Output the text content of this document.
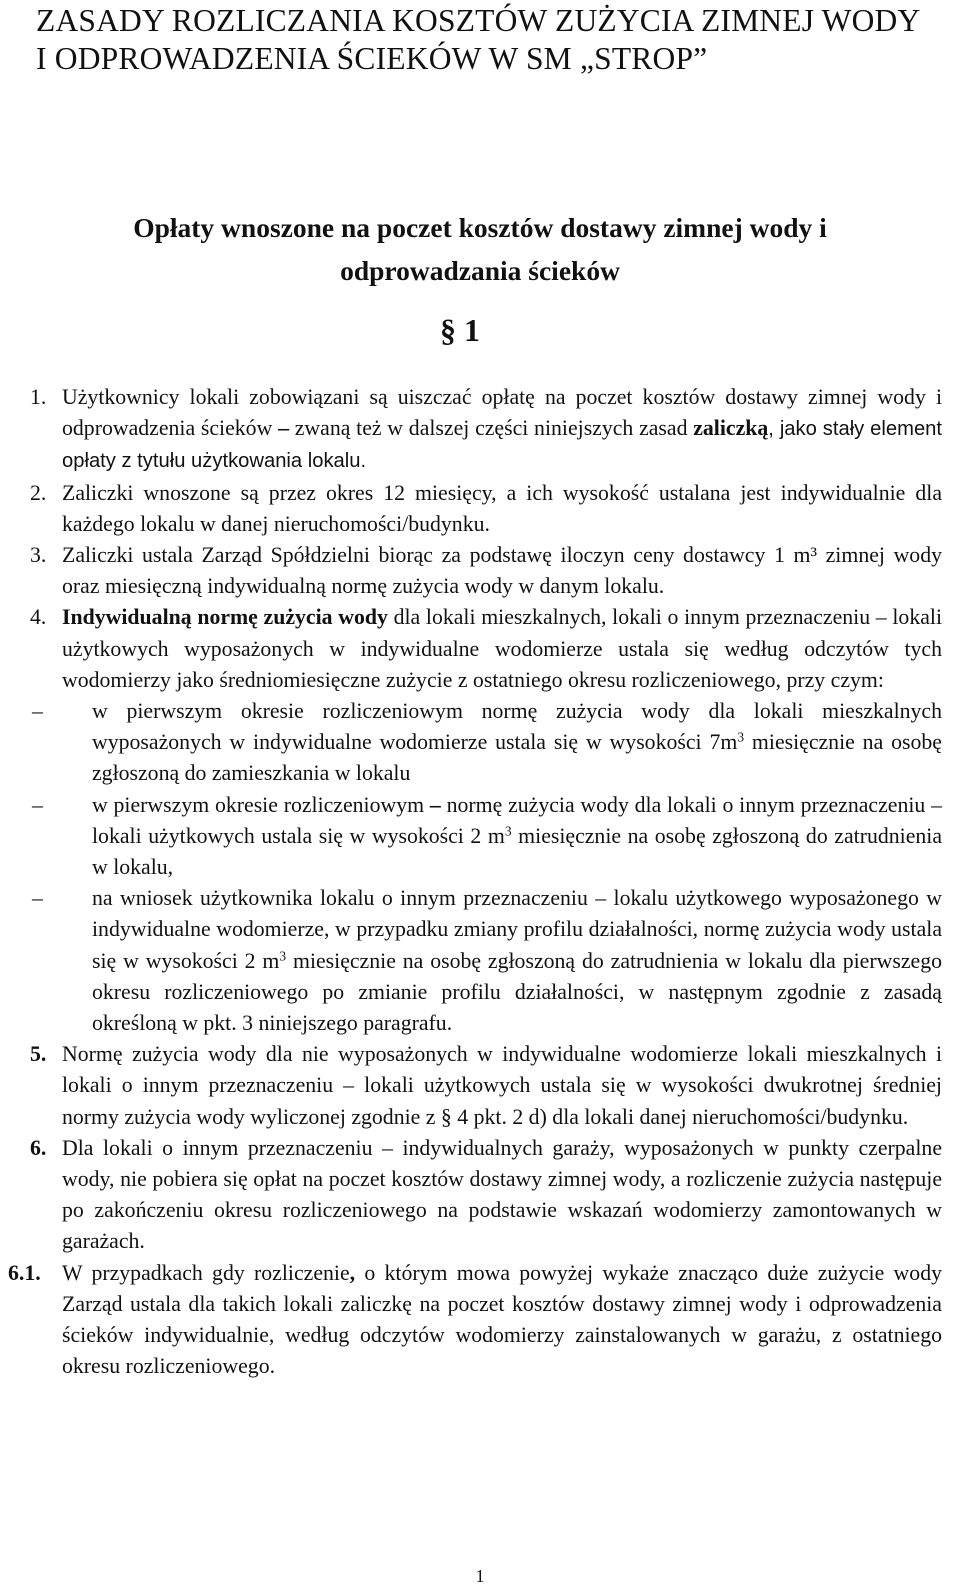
ZASADY ROZLICZANIA KOSZTÓW ZUŻYCIA ZIMNEJ WODY I ODPROWADZENIA ŚCIEKÓW W SM „STROP”
Opłaty wnoszone na poczet kosztów dostawy zimnej wody i odprowadzania ścieków
§ 1
1. Użytkownicy lokali zobowiązani są uiszczać opłatę na poczet kosztów dostawy zimnej wody i odprowadzenia ścieków – zwaną też w dalszej części niniejszych zasad zaliczką, jako stały element opłaty z tytułu użytkowania lokalu.
2. Zaliczki wnoszone są przez okres 12 miesięcy, a ich wysokość ustalana jest indywidualnie dla każdego lokalu w danej nieruchomości/budynku.
3. Zaliczki ustala Zarząd Spółdzielni biorąc za podstawę iloczyn ceny dostawcy 1 m³ zimnej wody oraz miesięczną indywidualną normę zużycia wody w danym lokalu.
4. Indywidualną normę zużycia wody dla lokali mieszkalnych, lokali o innym przeznaczeniu – lokali użytkowych wyposażonych w indywidualne wodomierze ustala się według odczytów tych wodomierzy jako średniomiesięczne zużycie z ostatniego okresu rozliczeniowego, przy czym:
– w pierwszym okresie rozliczeniowym normę zużycia wody dla lokali mieszkalnych wyposażonych w indywidualne wodomierze ustala się w wysokości $7m^3$ miesięcznie na osobę zgłoszoną do zamieszkania w lokalu
– w pierwszym okresie rozliczeniowym – normę zużycia wody dla lokali o innym przeznaczeniu – lokali użytkowych ustala się w wysokości 2 $m^3$ miesięcznie na osobę zgłoszoną do zatrudnienia w lokalu,
– na wniosek użytkownika lokalu o innym przeznaczeniu – lokalu użytkowego wyposażonego w indywidualne wodomierze, w przypadku zmiany profilu działalności, normę zużycia wody ustala się w wysokości 2 $m^3$ miesięcznie na osobę zgłoszoną do zatrudnienia w lokalu dla pierwszego okresu rozliczeniowego po zmianie profilu działalności, w następnym zgodnie z zasadą określoną w pkt. 3 niniejszego paragrafu.
5. Normę zużycia wody dla nie wyposażonych w indywidualne wodomierze lokali mieszkalnych i lokali o innym przeznaczeniu – lokali użytkowych ustala się w wysokości dwukrotnej średniej normy zużycia wody wyliczonej zgodnie z § 4 pkt. 2 d) dla lokali danej nieruchomości/budynku.
6. Dla lokali o innym przeznaczeniu – indywidualnych garaży, wyposażonych w punkty czerpalne wody, nie pobiera się opłat na poczet kosztów dostawy zimnej wody, a rozliczenie zużycia następuje po zakończeniu okresu rozliczeniowego na podstawie wskazań wodomierzy zamontowanych w garażach.
6.1. W przypadkach gdy rozliczenie, o którym mowa powyżej wykaże znacząco duże zużycie wody Zarząd ustala dla takich lokali zaliczkę na poczet kosztów dostawy zimnej wody i odprowadzenia ścieków indywidualnie, według odczytów wodomierzy zainstalowanych w garażu, z ostatniego okresu rozliczeniowego.
1
